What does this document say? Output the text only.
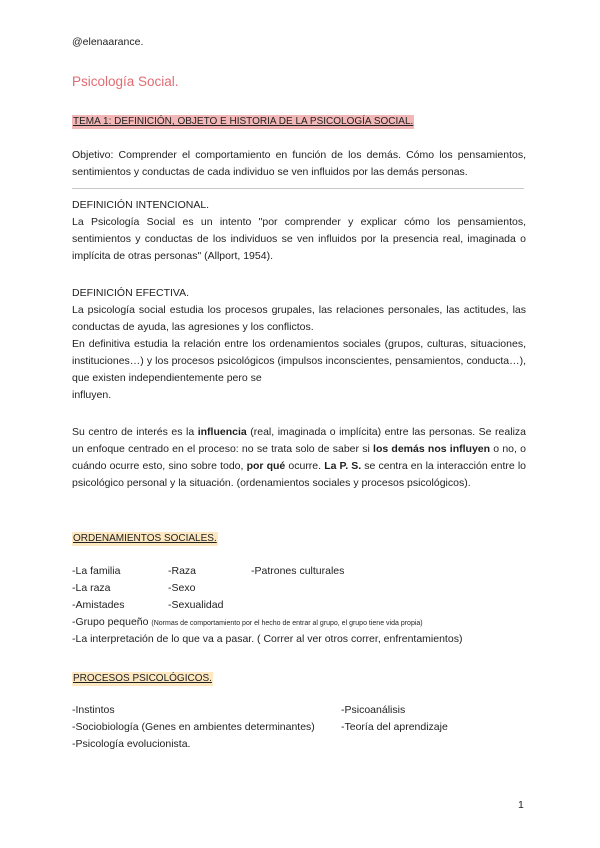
@elenaarance.
Psicología Social.
TEMA 1: DEFINICIÓN, OBJETO E HISTORIA DE LA PSICOLOGÍA SOCIAL.

Objetivo: Comprender el comportamiento en función de los demás. Cómo los pensamientos, sentimientos y conductas de cada individuo se ven influidos por las demás personas.

DEFINICIÓN INTENCIONAL.

La Psicología Social es un intento "por comprender y explicar cómo los pensamientos, sentimientos y conductas de los individuos se ven influidos por la presencia real, imaginada o implícita de otras personas" (Allport, 1954).

DEFINICIÓN EFECTIVA.

La psicología social estudia los procesos grupales, las relaciones personales, las actitudes, las conductas de ayuda, las agresiones y los conflictos.

En definitiva estudia la relación entre los ordenamientos sociales (grupos, culturas, situaciones, instituciones…) y los procesos psicológicos (impulsos inconscientes, pensamientos, conducta…), que existen independientemente pero se

influyen.

Su centro de interés es la influencia (real, imaginada o implícita) entre las personas. Se realiza un enfoque centrado en el proceso: no se trata solo de saber si los demás nos influyen o no, o cuándo ocurre esto, sino sobre todo, por qué ocurre. La P. S. se centra en la interacción entre lo psicológico personal y la situación. (ordenamientos sociales y procesos psicológicos).

ORDENAMIENTOS SOCIALES.
-La familia
-La raza
-Amistades
-Raza
-Sexo
-Sexualidad
-Patrones culturales
-Grupo pequeño (Normas de comportamiento por el hecho de entrar al grupo, el grupo tiene vida propia)
-La interpretación de lo que va a pasar. ( Correr al ver otros correr, enfrentamientos)
PROCESOS PSICOLÓGICOS.
-Instintos
-Sociobiología (Genes en ambientes determinantes)
-Psicología evolucionista.
-Psicoanálisis
-Teoría del aprendizaje
1
